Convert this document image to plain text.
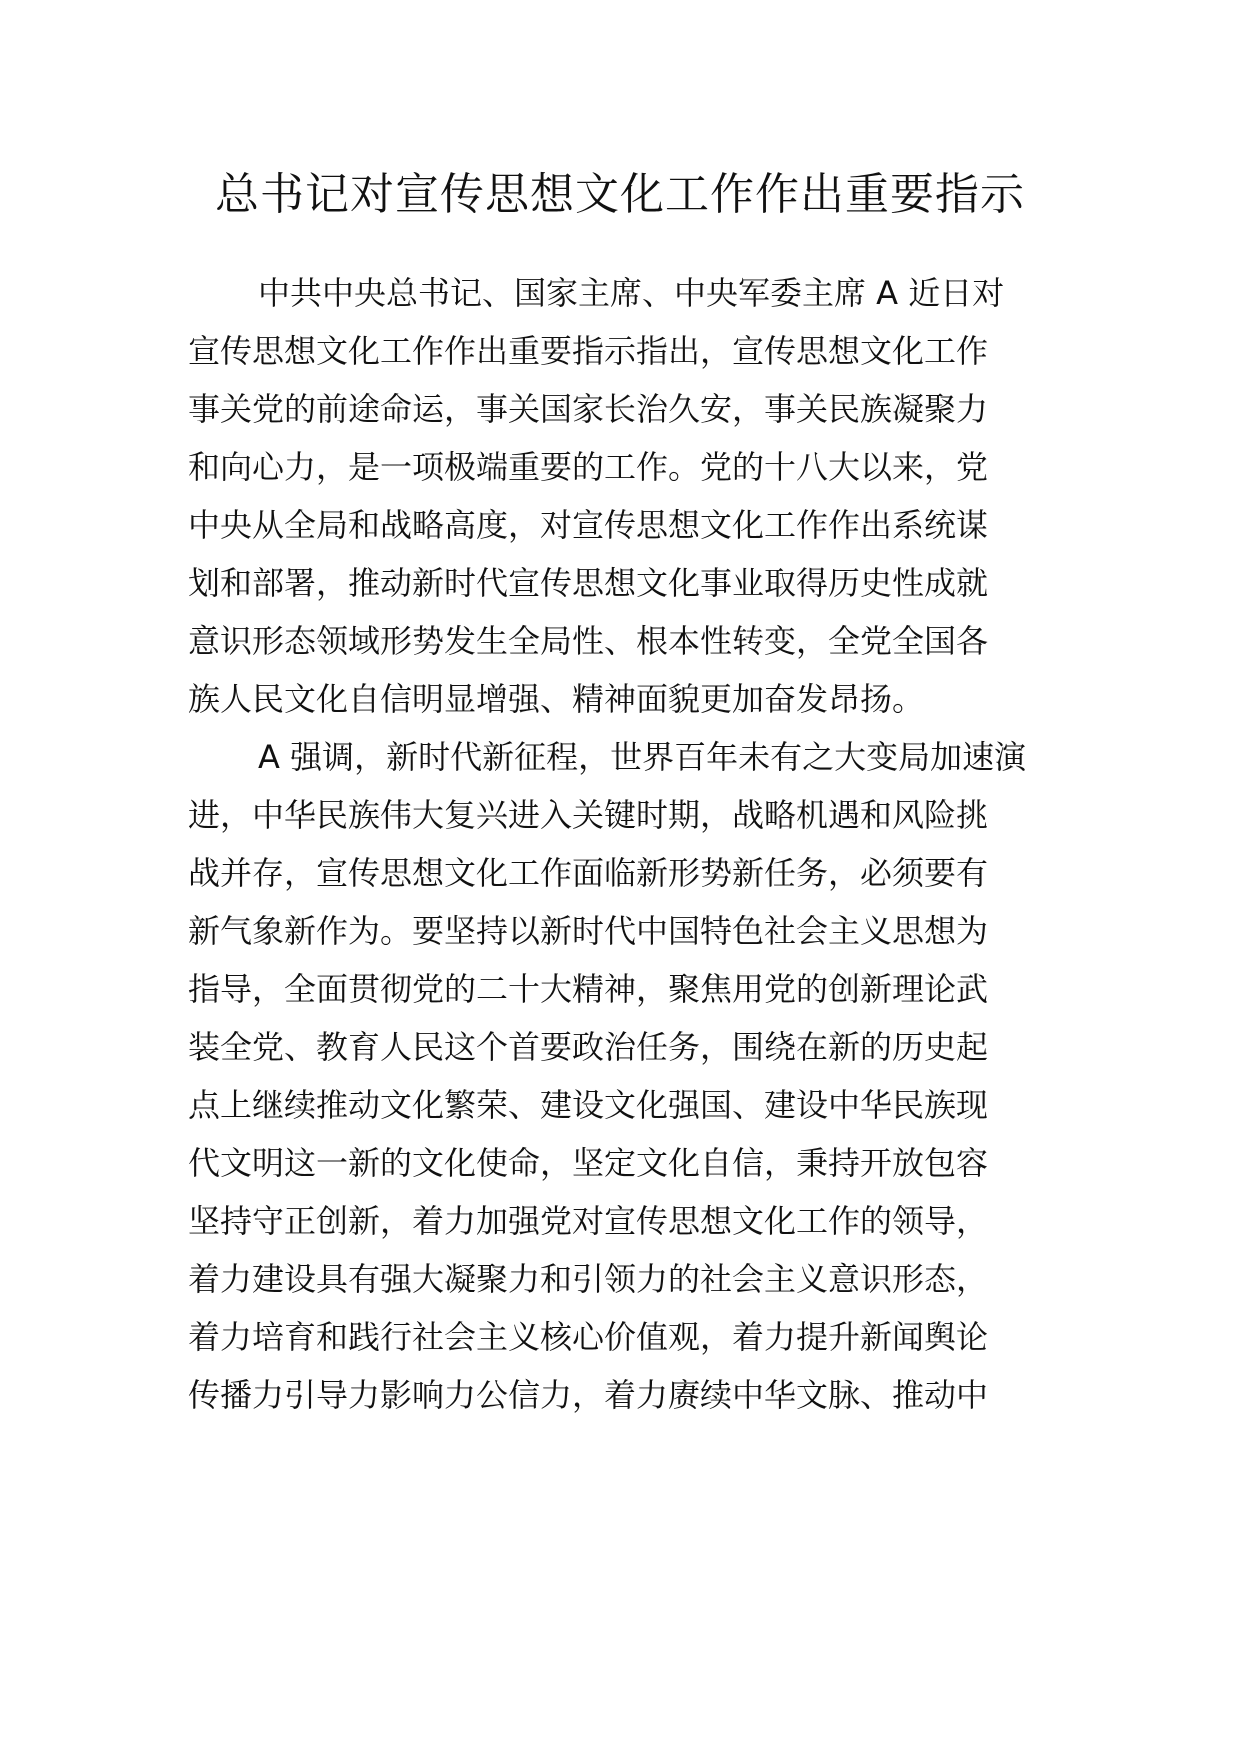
总书记对宣传思想文化工作作出重要指示

中共中央总书记、国家主席、中央军委主席 A 近日对

宣传思想文化工作作出重要指示指出，宣传思想文化工作

事关党的前途命运，事关国家长治久安，事关民族凝聚力

和向心力，是一项极端重要的工作。党的十八大以来，党

中央从全局和战略高度，对宣传思想文化工作作出系统谋

划和部署，推动新时代宣传思想文化事业取得历史性成就

意识形态领域形势发生全局性、根本性转变，全党全国各

族人民文化自信明显增强、精神面貌更加奋发昂扬。

A 强调，新时代新征程，世界百年未有之大变局加速演

进，中华民族伟大复兴进入关键时期，战略机遇和风险挑

战并存，宣传思想文化工作面临新形势新任务，必须要有

新气象新作为。要坚持以新时代中国特色社会主义思想为

指导，全面贯彻党的二十大精神，聚焦用党的创新理论武

装全党、教育人民这个首要政治任务，围绕在新的历史起

点上继续推动文化繁荣、建设文化强国、建设中华民族现

代文明这一新的文化使命，坚定文化自信，秉持开放包容

坚持守正创新，着力加强党对宣传思想文化工作的领导，

着力建设具有强大凝聚力和引领力的社会主义意识形态，

着力培育和践行社会主义核心价值观，着力提升新闻舆论

传播力引导力影响力公信力，着力赓续中华文脉、推动中
